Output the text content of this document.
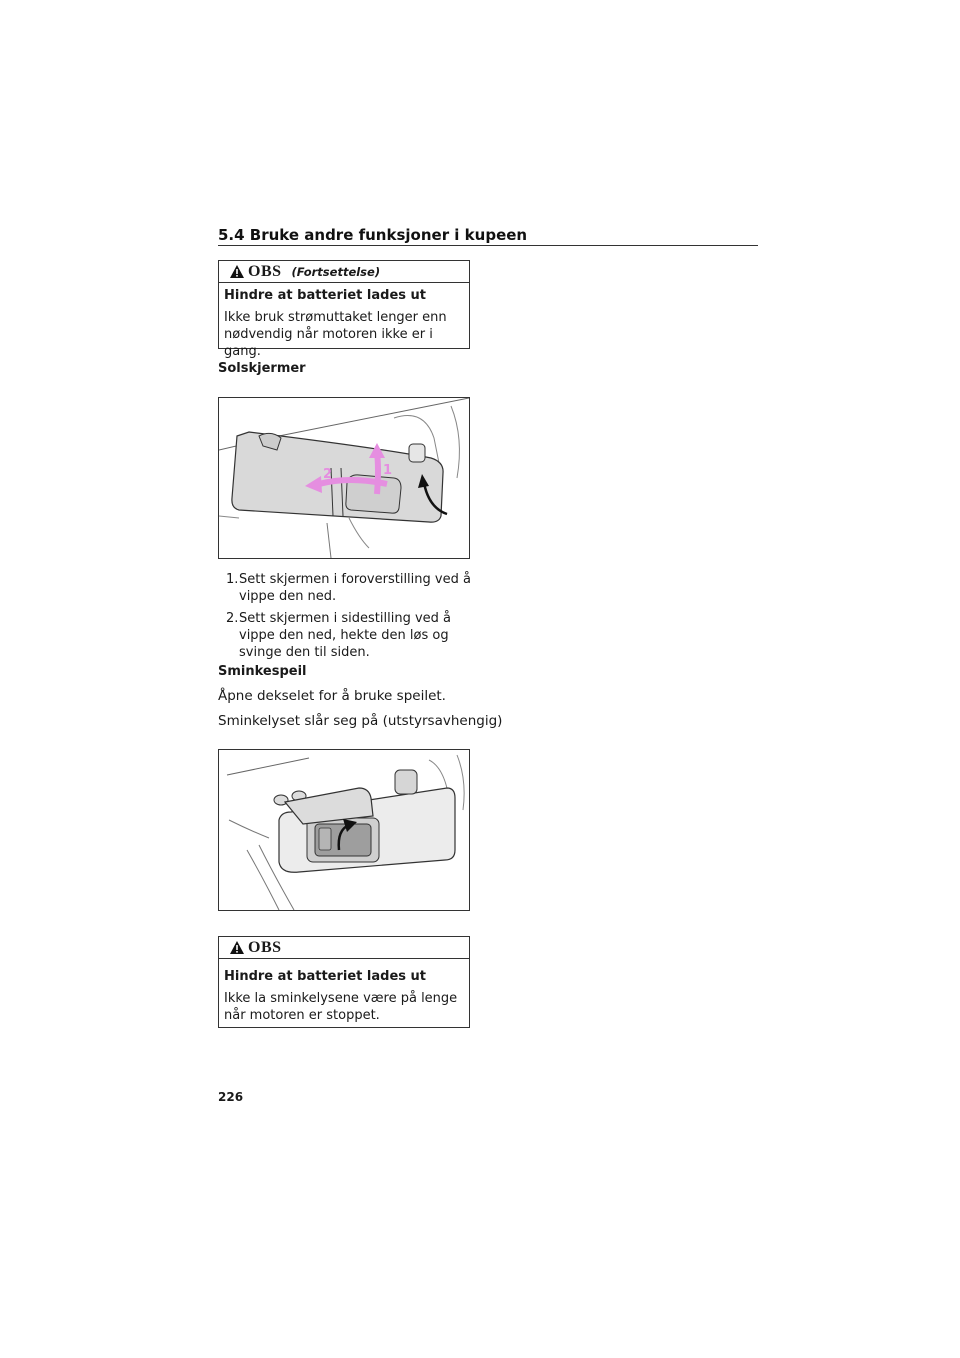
5.4 Bruke andre funksjoner i kupeen
OBS (Fortsettelse)
Hindre at batteriet lades ut
Ikke bruk strømuttaket lenger enn nødvendig når motoren ikke er i gang.
Solskjermer
2	1
1. Sett skjermen i foroverstilling ved å vippe den ned.
2. Sett skjermen i sidestilling ved å vippe den ned, hekte den løs og svinge den til siden.
Sminkespeil
Åpne dekselet for å bruke speilet.
Sminkelyset slår seg på (utstyrsavhengig)
OBS
Hindre at batteriet lades ut
Ikke la sminkelysene være på lenge når motoren er stoppet.
226
